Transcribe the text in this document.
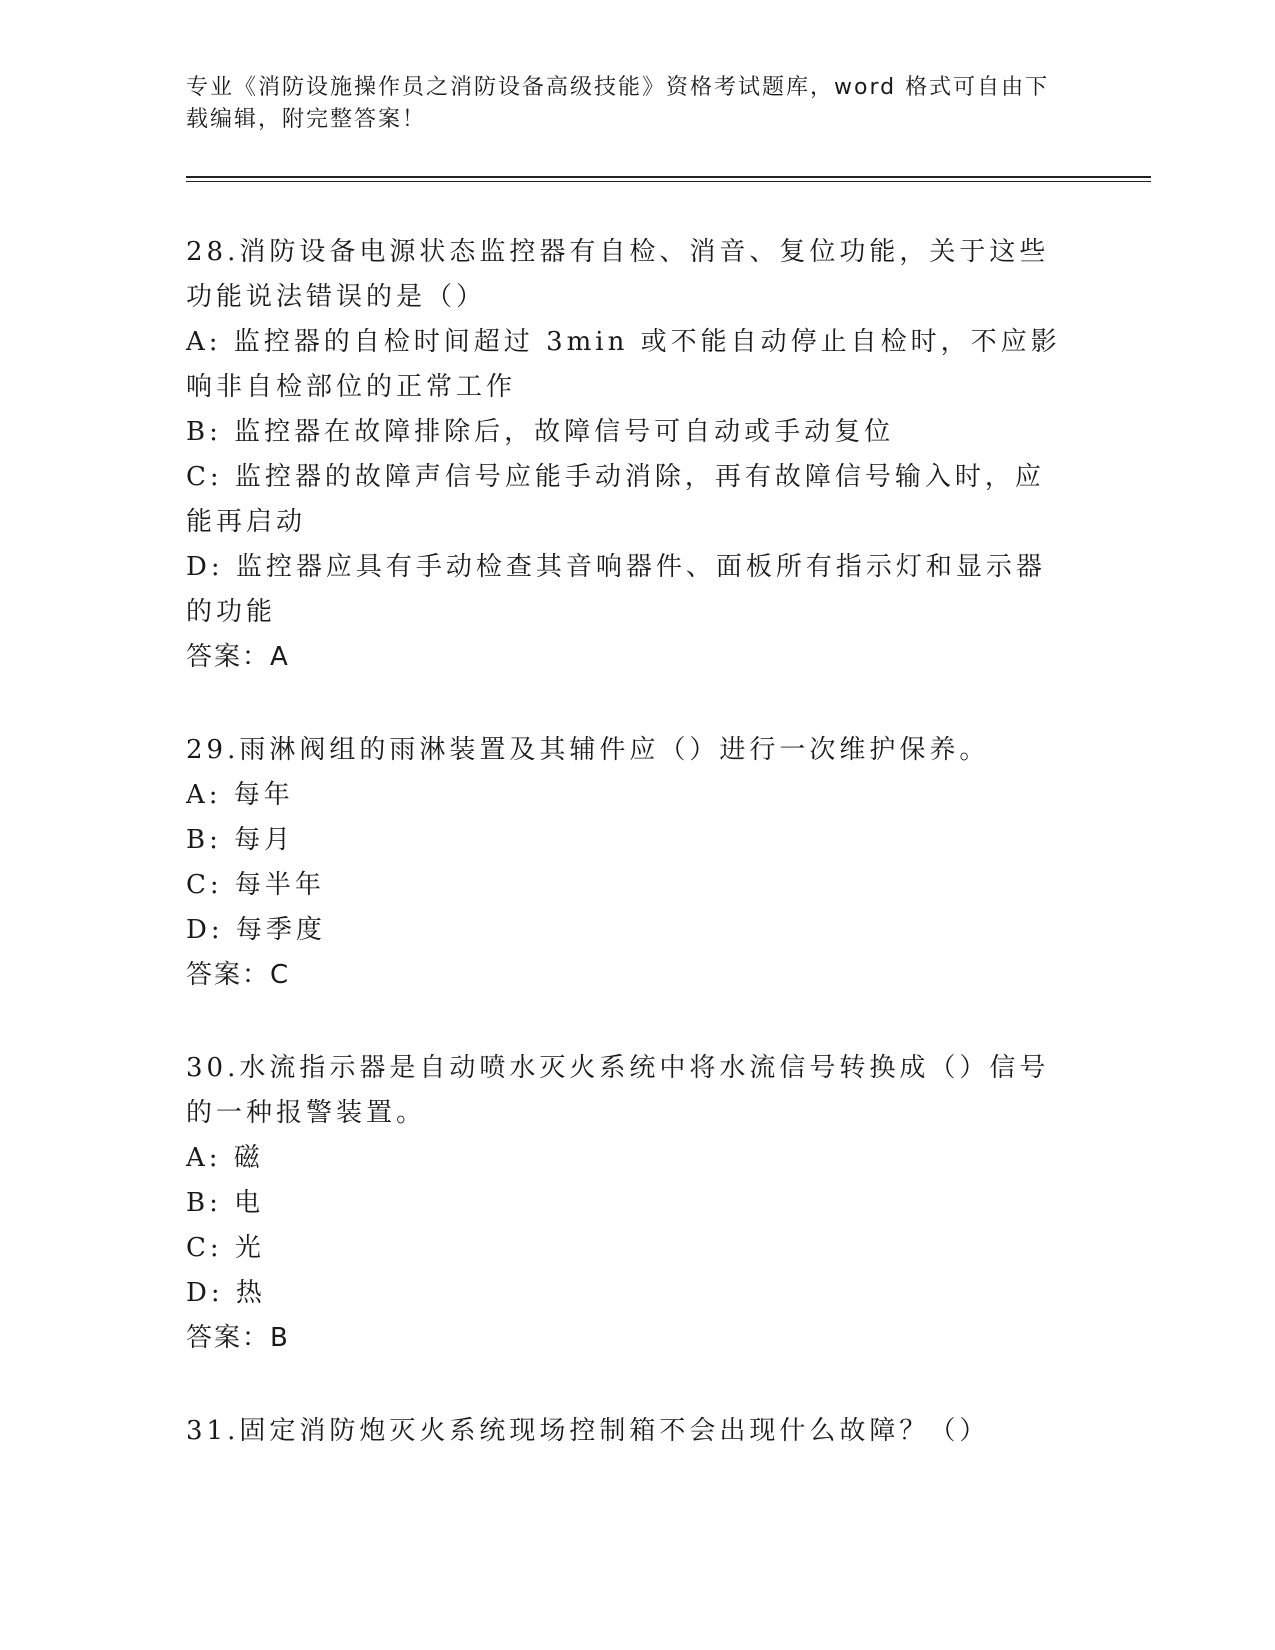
专业《消防设施操作员之消防设备高级技能》资格考试题库，word 格式可自由下载编辑，附完整答案！

28.消防设备电源状态监控器有自检、消音、复位功能，关于这些功能说法错误的是（）
A: 监控器的自检时间超过 3min 或不能自动停止自检时，不应影响非自检部位的正常工作
B: 监控器在故障排除后，故障信号可自动或手动复位
C: 监控器的故障声信号应能手动消除，再有故障信号输入时，应能再启动
D: 监控器应具有手动检查其音响器件、面板所有指示灯和显示器的功能
答案：A
29.雨淋阀组的雨淋装置及其辅件应（）进行一次维护保养。
A: 每年
B: 每月
C: 每半年
D: 每季度
答案：C
30.水流指示器是自动喷水灭火系统中将水流信号转换成（）信号的一种报警装置。
A: 磁
B: 电
C: 光
D: 热
答案：B
31.固定消防炮灭火系统现场控制箱不会出现什么故障？（）
